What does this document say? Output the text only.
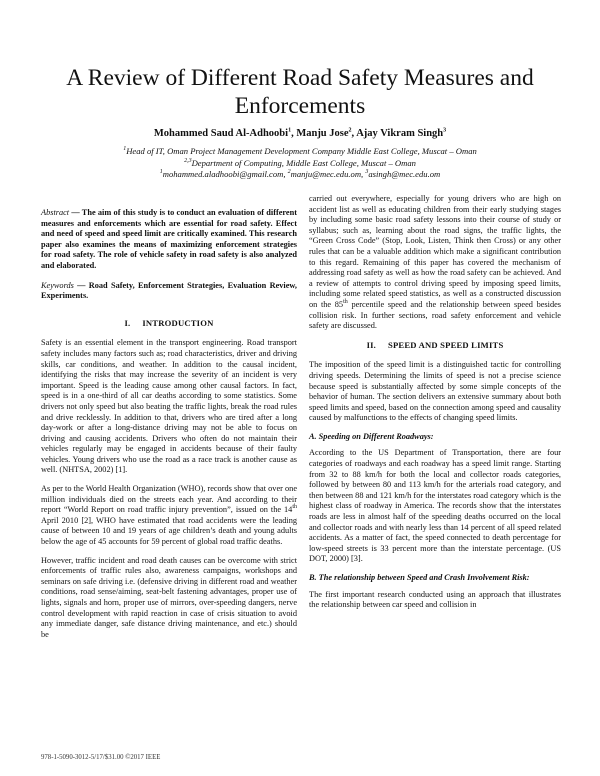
A Review of Different Road Safety Measures and Enforcements
Mohammed Saud Al-Adhoobi$^1$, Manju Jose$^2$, Ajay Vikram Singh$^3$
$^1$Head of IT, Oman Project Management Development Company Middle East College, Muscat – Oman
$^{2,3}$Department of Computing, Middle East College, Muscat – Oman
$^1$mohammed.aladhoobi@gmail.com, $^2$manju@mec.edu.om, $^3$asingh@mec.edu.om

Abstract — The aim of this study is to conduct an evaluation of different measures and enforcements which are essential for road safety. Effect and need of speed and speed limit are critically examined. This research paper also examines the means of maximizing enforcement strategies for road safety. The role of vehicle safety in road safety is also analyzed and elaborated.

Keywords — Road Safety, Enforcement Strategies, Evaluation Review, Experiments.

I. INTRODUCTION

Safety is an essential element in the transport engineering. Road transport safety includes many factors such as; road characteristics, driver and driving skills, car conditions, and weather. In addition to the causal incident, identifying the risks that may increase the severity of an incident is very important. Speed is the leading cause among other causal factors. In fact, speed is in a one-third of all car deaths according to some statistics. Some drivers not only speed but also beating the traffic lights, break the road rules and drive recklessly. In addition to that, drivers who are tired after a long day-work or after a long-distance driving may not be able to focus on driving and causing accidents. Drivers who often do not maintain their vehicles regularly may be engaged in accidents because of their faulty vehicles. Young drivers who use the road as a race track is another cause as well. (NHTSA, 2002) [1].

As per to the World Health Organization (WHO), records show that over one million individuals died on the streets each year. And according to their report “World Report on road traffic injury prevention”, issued on the 14th April 2010 [2], WHO have estimated that road accidents were the leading cause of between 10 and 19 years of age children’s death and young adults below the age of 45 accounts for 59 percent of global road traffic deaths.

However, traffic incident and road death causes can be overcome with strict enforcements of traffic rules also, awareness campaigns, workshops and seminars on safe driving i.e. (defensive driving in different road and weather conditions, road sense/aiming, seat-belt fastening advantages, proper use of lights, signals and horn, proper use of mirrors, over-speeding dangers, nerve control development with rapid reaction in case of crisis situation to avoid any immediate danger, safe distance driving maintenance, and etc.) should be

carried out everywhere, especially for young drivers who are high on accident list as well as educating children from their early studying stages by including some basic road safety lessons into their course of study or syllabus; such as, learning about the road signs, the traffic lights, the “Green Cross Code” (Stop, Look, Listen, Think then Cross) or any other rules that can be a valuable addition which make a significant contribution to this regard. Remaining of this paper has covered the mechanism of addressing road safety as well as how the road safety can be achieved. And a review of attempts to control driving speed by imposing speed limits, including some related speed statistics, as well as a constructed discussion on the 85th percentile speed and the relationship between speed besides collision risk. In further sections, road safety enforcement and vehicle safety are discussed.

II. SPEED AND SPEED LIMITS

The imposition of the speed limit is a distinguished tactic for controlling driving speeds. Determining the limits of speed is not a precise science because speed is substantially affected by some simple concepts of the behavior of human. The section delivers an extensive summary about both speed limits and speed, based on the connection among speed and causality caused by malfunctions to the effects of changing speed limits.

A. Speeding on Different Roadways:

According to the US Department of Transportation, there are four categories of roadways and each roadway has a speed limit range. Starting from 32 to 88 km/h for both the local and collector roads categories, followed by between 80 and 113 km/h for the arterials road category, and then between 88 and 121 km/h for the interstates road category which is the highest class of roadway in America. The records show that the interstates roads are less in almost half of the speeding deaths occurred on the local and collector roads and with nearly less than 14 percent of all speed related accidents. As a matter of fact, the speed connected to death percentage for low-speed streets is 33 percent more than the interstate percentage. (US DOT, 2000) [3].

B. The relationship between Speed and Crash Involvement Risk:

The first important research conducted using an approach that illustrates the relationship between car speed and collision in

978-1-5090-3012-5/17/$31.00 ©2017 IEEE
